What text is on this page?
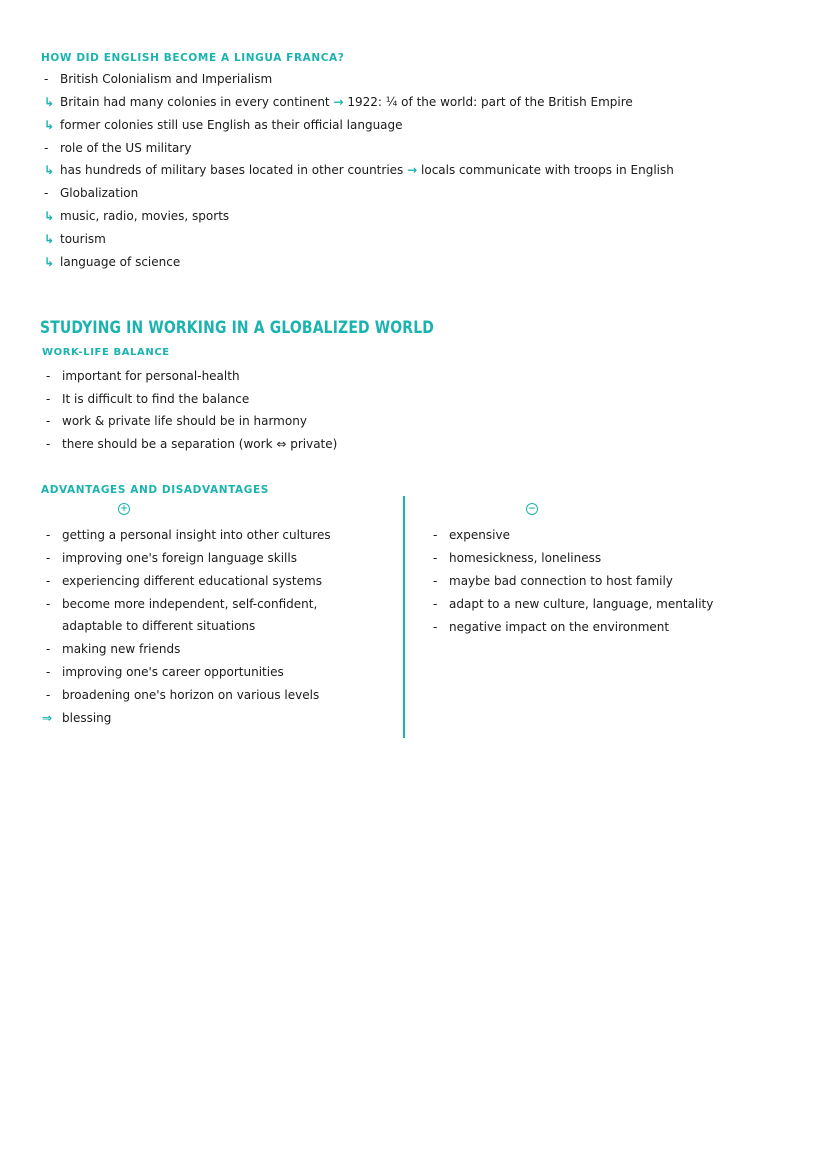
HOW DID ENGLISH BECOME A LINGUA FRANCA?
- British Colonialism and Imperialism
↳ Britain had many colonies in every continent → 1922: ¼ of the world: part of the British Empire
↳ former colonies still use English as their official language
- role of the US military
↳ has hundreds of military bases located in other countries → locals communicate with troops in English
- Globalization
↳ music, radio, movies, sports
↳ tourism
↳ language of science
STUDYING IN WORKING IN A GLOBALIZED WORLD
WORK-LIFE BALANCE
- important for personal-health
- It is difficult to find the balance
- work & private life should be in harmony
- there should be a separation (work ⇔ private)
ADVANTAGES AND DISADVANTAGES
+	−
- getting a personal insight into other cultures
- improving one's foreign language skills
- experiencing different educational systems
- become more independent, self-confident,
adaptable to different situations
- making new friends
- improving one's career opportunities
- broadening one's horizon on various levels
⇒ blessing
- expensive
- homesickness, loneliness
- maybe bad connection to host family
- adapt to a new culture, language, mentality
- negative impact on the environment
